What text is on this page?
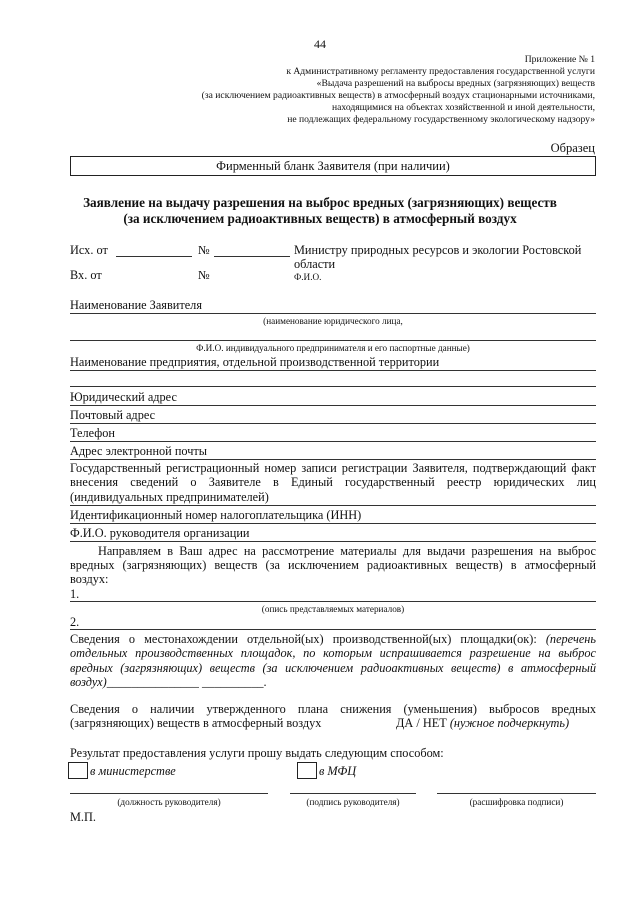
44
Приложение № 1
к Административному регламенту предоставления государственной услуги
«Выдача разрешений на выбросы вредных (загрязняющих) веществ
(за исключением радиоактивных веществ) в атмосферный воздух стационарными источниками,
находящимися на объектах хозяйственной и иной деятельности,
не подлежащих федеральному государственному экологическому надзору»
Образец
Фирменный бланк Заявителя (при наличии)
Заявление на выдачу разрешения на выброс вредных (загрязняющих) веществ
(за исключением радиоактивных веществ) в атмосферный воздух
Исх. от	№
Вх. от	№
Министру природных ресурсов и экологии Ростовской
области
Ф.И.О.
Наименование Заявителя
(наименование юридического лица,
Ф.И.О. индивидуального предпринимателя и его паспортные данные)
Наименование предприятия, отдельной производственной территории
Юридический адрес
Почтовый адрес
Телефон
Адрес электронной почты
Государственный регистрационный номер записи регистрации Заявителя, подтверждающий факт внесения сведений о Заявителе в Единый государственный реестр юридических лиц
(индивидуальных предпринимателей)
Идентификационный номер налогоплательщика (ИНН)
Ф.И.О. руководителя организации
Направляем в Ваш адрес на рассмотрение материалы для выдачи разрешения на выброс вредных (загрязняющих) веществ (за исключением радиоактивных веществ) в атмосферный
воздух:
1.
(опись представляемых материалов)
2.
Сведения о местонахождении отдельной(ых) производственной(ых) площадки(ок): (перечень отдельных производственных площадок, по которым испрашивается разрешение на выброс вредных (загрязняющих) веществ (за исключением радиоактивных веществ) в атмосферный
воздух)_______________ __________.
Сведения о наличии утвержденного плана снижения (уменьшения) выбросов вредных
(загрязняющих) веществ в атмосферный воздух	ДА / НЕТ (нужное подчеркнуть)
Результат предоставления услуги прошу выдать следующим способом:
в министерстве	в МФЦ
(должность руководителя)	(подпись руководителя)	(расшифровка подписи)
М.П.
